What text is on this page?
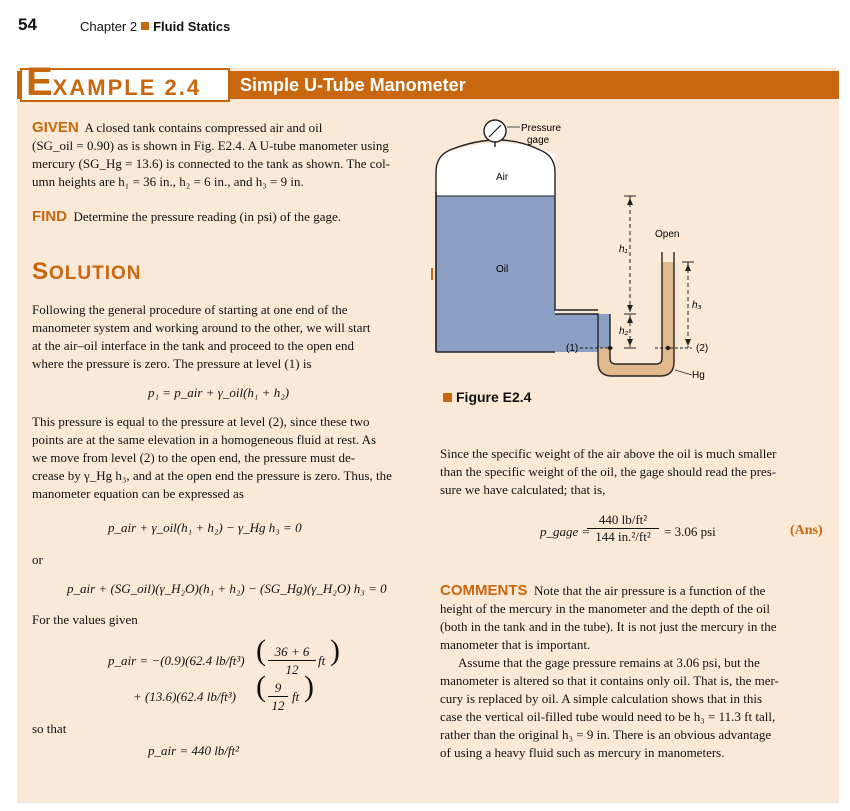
54	Chapter 2 Fluid Statics
EXAMPLE 2.4 Simple U-Tube Manometer
GIVEN A closed tank contains compressed air and oil
(SG_oil = 0.90) as is shown in Fig. E2.4. A U-tube manometer using
mercury (SG_Hg = 13.6) is connected to the tank as shown. The col-
umn heights are h₁ = 36 in., h₂ = 6 in., and h₃ = 9 in.
FIND Determine the pressure reading (in psi) of the gage.
SOLUTION
Following the general procedure of starting at one end of the
manometer system and working around to the other, we will start
at the air–oil interface in the tank and proceed to the open end
where the pressure is zero. The pressure at level (1) is
p₁ = p_air + γ_oil(h₁ + h₂)
This pressure is equal to the pressure at level (2), since these two
points are at the same elevation in a homogeneous fluid at rest. As
we move from level (2) to the open end, the pressure must de-
crease by γ_Hg h₃, and at the open end the pressure is zero. Thus, the
manometer equation can be expressed as
p_air + γ_oil(h₁ + h₂) − γ_Hg h₃ = 0
or
p_air + (SG_oil)(γ_H₂O)(h₁ + h₂) − (SG_Hg)(γ_H₂O) h₃ = 0
For the values given
p_air = −(0.9)(62.4 lb/ft³) ( 36 + 6
12
ft )
+ (13.6)(62.4 lb/ft³) ( 9
12
ft )
so that
p_air = 440 lb/ft²
Pressure
gage
Air
Oil
Open
h₁
h₂
h₃
(1)	(2)
Hg
Figure E2.4
Since the specific weight of the air above the oil is much smaller
than the specific weight of the oil, the gage should read the pres-
sure we have calculated; that is,
p_gage =
440 lb/ft²
144 in.²/ft²	= 3.06 psi	(Ans)
COMMENTS Note that the air pressure is a function of the
height of the mercury in the manometer and the depth of the oil
(both in the tank and in the tube). It is not just the mercury in the
manometer that is important.
Assume that the gage pressure remains at 3.06 psi, but the
manometer is altered so that it contains only oil. That is, the mer-
cury is replaced by oil. A simple calculation shows that in this
case the vertical oil-filled tube would need to be h₃ = 11.3 ft tall,
rather than the original h₃ = 9 in. There is an obvious advantage
of using a heavy fluid such as mercury in manometers.
